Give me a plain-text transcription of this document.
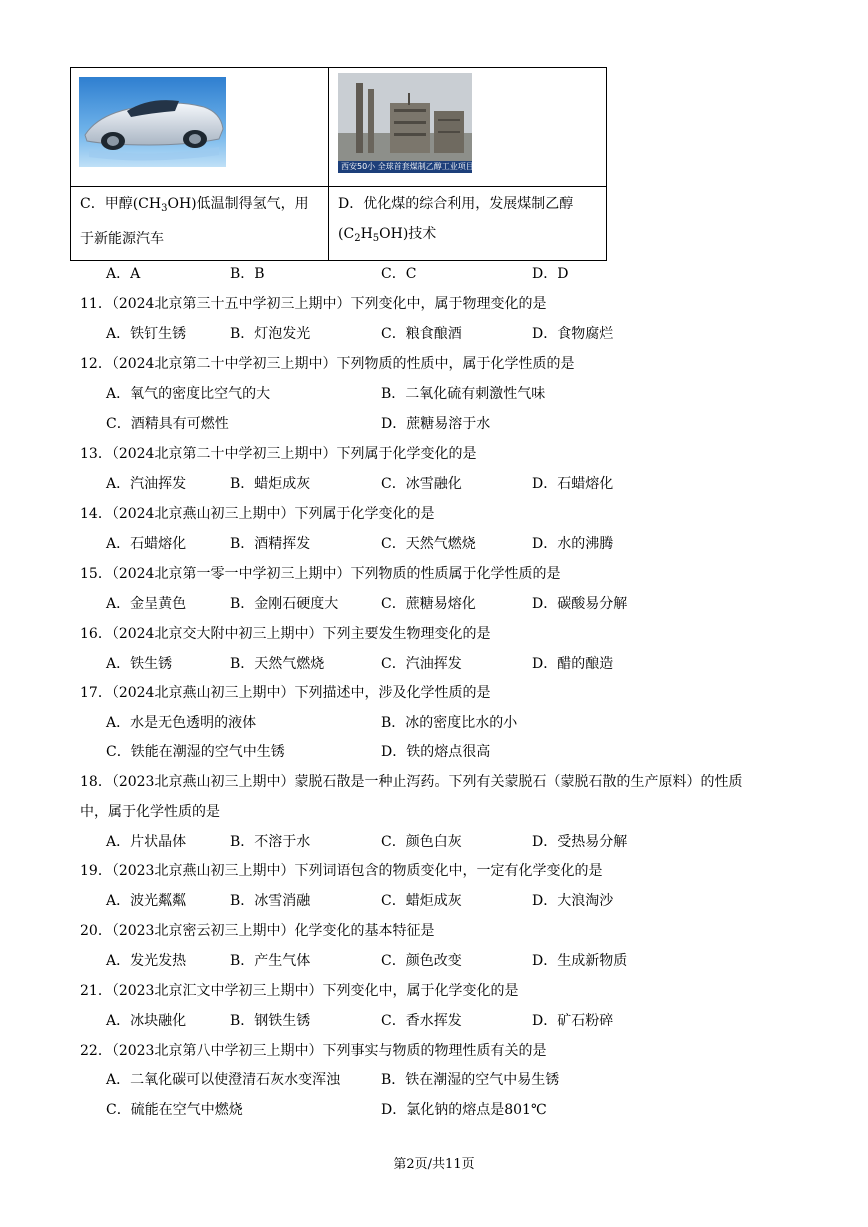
西安50小 全球首套煤制乙醇工业项目投产
C．甲醇$(CH_3OH)$低温制得氢气，用
于新能源汽车
D．优化煤的综合利用，发展煤制乙醇
$(C_2H_5OH)$技术
A．A	B．B	C．C	D．D
11．（2024北京第三十五中学初三上期中）下列变化中，属于物理变化的是
A．铁钉生锈	B．灯泡发光	C．粮食酿酒	D．食物腐烂
12．（2024北京第二十中学初三上期中）下列物质的性质中，属于化学性质的是
A．氧气的密度比空气的大	B．二氧化硫有刺激性气味
C．酒精具有可燃性	D．蔗糖易溶于水
13．（2024北京第二十中学初三上期中）下列属于化学变化的是
A．汽油挥发	B．蜡炬成灰	C．冰雪融化	D．石蜡熔化
14．（2024北京燕山初三上期中）下列属于化学变化的是
A．石蜡熔化	B．酒精挥发	C．天然气燃烧	D．水的沸腾
15．（2024北京第一零一中学初三上期中）下列物质的性质属于化学性质的是
A．金呈黄色	B．金刚石硬度大	C．蔗糖易熔化	D．碳酸易分解
16．（2024北京交大附中初三上期中）下列主要发生物理变化的是
A．铁生锈	B．天然气燃烧	C．汽油挥发	D．醋的酿造
17．（2024北京燕山初三上期中）下列描述中，涉及化学性质的是
A．水是无色透明的液体	B．冰的密度比水的小
C．铁能在潮湿的空气中生锈	D．铁的熔点很高
18．（2023北京燕山初三上期中）蒙脱石散是一种止泻药。下列有关蒙脱石（蒙脱石散的生产原料）的性质
中，属于化学性质的是
A．片状晶体	B．不溶于水	C．颜色白灰	D．受热易分解
19．（2023北京燕山初三上期中）下列词语包含的物质变化中，一定有化学变化的是
A．波光粼粼	B．冰雪消融	C．蜡炬成灰	D．大浪淘沙
20．（2023北京密云初三上期中）化学变化的基本特征是
A．发光发热	B．产生气体	C．颜色改变	D．生成新物质
21．（2023北京汇文中学初三上期中）下列变化中，属于化学变化的是
A．冰块融化	B．钢铁生锈	C．香水挥发	D．矿石粉碎
22．（2023北京第八中学初三上期中）下列事实与物质的物理性质有关的是
A．二氧化碳可以使澄清石灰水变浑浊	B．铁在潮湿的空气中易生锈
C．硫能在空气中燃烧	D．氯化钠的熔点是801℃
第2页/共11页
